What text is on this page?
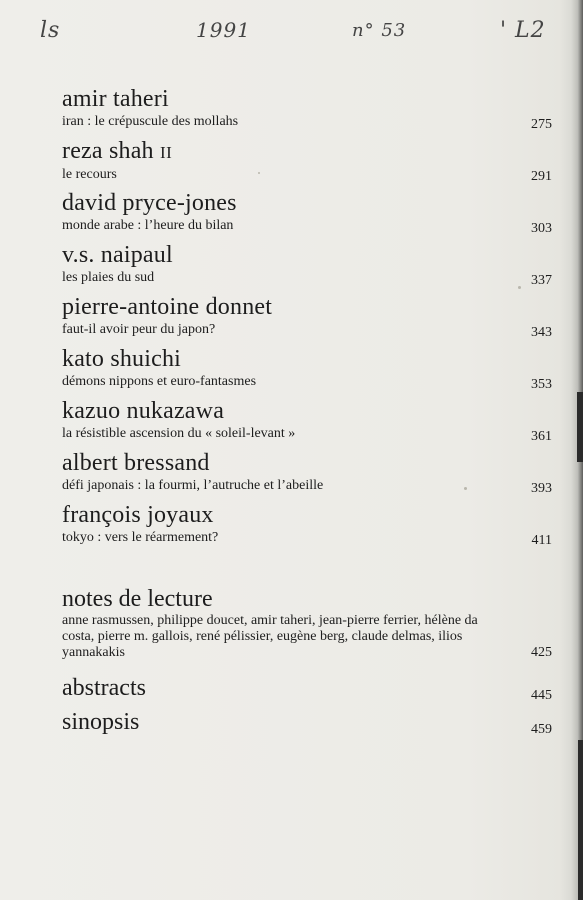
ls	1991	n° 53	' L2
amir taheri
iran : le crépuscule des mollahs	275
reza shah II
le recours	291
david pryce-jones
monde arabe : l’heure du bilan	303
v.s. naipaul
les plaies du sud	337
pierre-antoine donnet
faut-il avoir peur du japon?	343
kato shuichi
démons nippons et euro-fantasmes	353
kazuo nukazawa
la résistible ascension du « soleil-levant »	361
albert bressand
défi japonais : la fourmi, l’autruche et l’abeille	393
françois joyaux
tokyo : vers le réarmement?	411
notes de lecture
anne rasmussen, philippe doucet, amir taheri, jean-pierre ferrier, hélène da costa, pierre m. gallois, rené pélissier, eugène berg, claude delmas, ilios yannakakis	425
abstracts	445
sinopsis	459
